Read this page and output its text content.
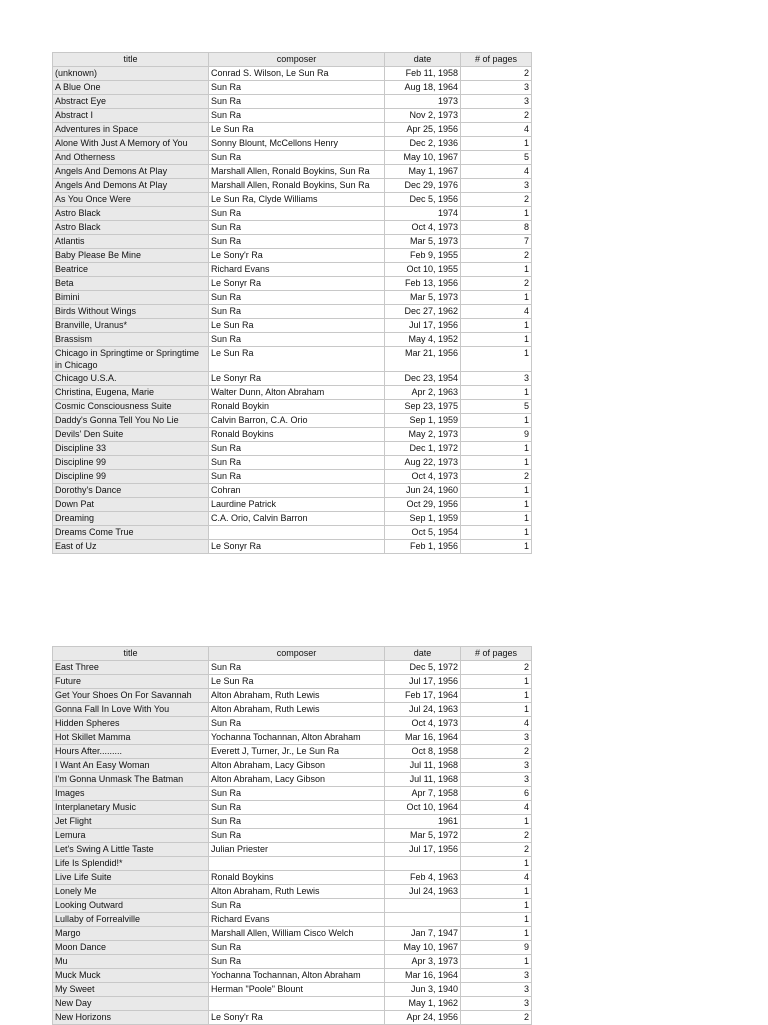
title	composer	date	# of pages
(unknown)	Conrad S. Wilson, Le Sun Ra	Feb 11, 1958	2
A Blue One	Sun Ra	Aug 18, 1964	3
Abstract Eye	Sun Ra	1973	3
Abstract I	Sun Ra	Nov 2, 1973	2
Adventures in Space	Le Sun Ra	Apr 25, 1956	4
Alone With Just A Memory of You	Sonny Blount, McCellons Henry	Dec 2, 1936	1
And Otherness	Sun Ra	May 10, 1967	5
Angels And Demons At Play	Marshall Allen, Ronald Boykins, Sun Ra	May 1, 1967	4
Angels And Demons At Play	Marshall Allen, Ronald Boykins, Sun Ra	Dec 29, 1976	3
As You Once Were	Le Sun Ra, Clyde Williams	Dec 5, 1956	2
Astro Black	Sun Ra	1974	1
Astro Black	Sun Ra	Oct 4, 1973	8
Atlantis	Sun Ra	Mar 5, 1973	7
Baby Please Be Mine	Le Sony'r Ra	Feb 9, 1955	2
Beatrice	Richard Evans	Oct 10, 1955	1
Beta	Le Sonyr Ra	Feb 13, 1956	2
Bimini	Sun Ra	Mar 5, 1973	1
Birds Without Wings	Sun Ra	Dec 27, 1962	4
Branville, Uranus*	Le Sun Ra	Jul 17, 1956	1
Brassism	Sun Ra	May 4, 1952	1
Chicago in Springtime or Springtime in Chicago	Le Sun Ra	Mar 21, 1956	1
Chicago U.S.A.	Le Sonyr Ra	Dec 23, 1954	3
Christina, Eugena, Marie	Walter Dunn, Alton Abraham	Apr 2, 1963	1
Cosmic Consciousness Suite	Ronald Boykin	Sep 23, 1975	5
Daddy's Gonna Tell You No Lie	Calvin Barron, C.A. Orio	Sep 1, 1959	1
Devils' Den Suite	Ronald Boykins	May 2, 1973	9
Discipline 33	Sun Ra	Dec 1, 1972	1
Discipline 99	Sun Ra	Aug 22, 1973	1
Discipline 99	Sun Ra	Oct 4, 1973	2
Dorothy's Dance	Cohran	Jun 24, 1960	1
Down Pat	Laurdine Patrick	Oct 29, 1956	1
Dreaming	C.A. Orio, Calvin Barron	Sep 1, 1959	1
Dreams Come True		Oct 5, 1954	1
East of Uz	Le Sonyr Ra	Feb 1, 1956	1
title	composer	date	# of pages
East Three	Sun Ra	Dec 5, 1972	2
Future	Le Sun Ra	Jul 17, 1956	1
Get Your Shoes On For Savannah	Alton Abraham, Ruth Lewis	Feb 17, 1964	1
Gonna Fall In Love With You	Alton Abraham, Ruth Lewis	Jul 24, 1963	1
Hidden Spheres	Sun Ra	Oct 4, 1973	4
Hot Skillet Mamma	Yochanna Tochannan, Alton Abraham	Mar 16, 1964	3
Hours After.........	Everett J, Turner, Jr., Le Sun Ra	Oct 8, 1958	2
I Want An Easy Woman	Alton Abraham, Lacy Gibson	Jul 11, 1968	3
I'm Gonna Unmask The Batman	Alton Abraham, Lacy Gibson	Jul 11, 1968	3
Images	Sun Ra	Apr 7, 1958	6
Interplanetary Music	Sun Ra	Oct 10, 1964	4
Jet Flight	Sun Ra	1961	1
Lemura	Sun Ra	Mar 5, 1972	2
Let's Swing A Little Taste	Julian Priester	Jul 17, 1956	2
Life Is Splendid!*			1
Live Life Suite	Ronald Boykins	Feb 4, 1963	4
Lonely Me	Alton Abraham, Ruth Lewis	Jul 24, 1963	1
Looking Outward	Sun Ra		1
Lullaby of Forrealville	Richard Evans		1
Margo	Marshall Allen, William Cisco Welch	Jan 7, 1947	1
Moon Dance	Sun Ra	May 10, 1967	9
Mu	Sun Ra	Apr 3, 1973	1
Muck Muck	Yochanna Tochannan, Alton Abraham	Mar 16, 1964	3
My Sweet	Herman "Poole" Blount	Jun 3, 1940	3
New Day		May 1, 1962	3
New Horizons	Le Sony'r Ra	Apr 24, 1956	2
